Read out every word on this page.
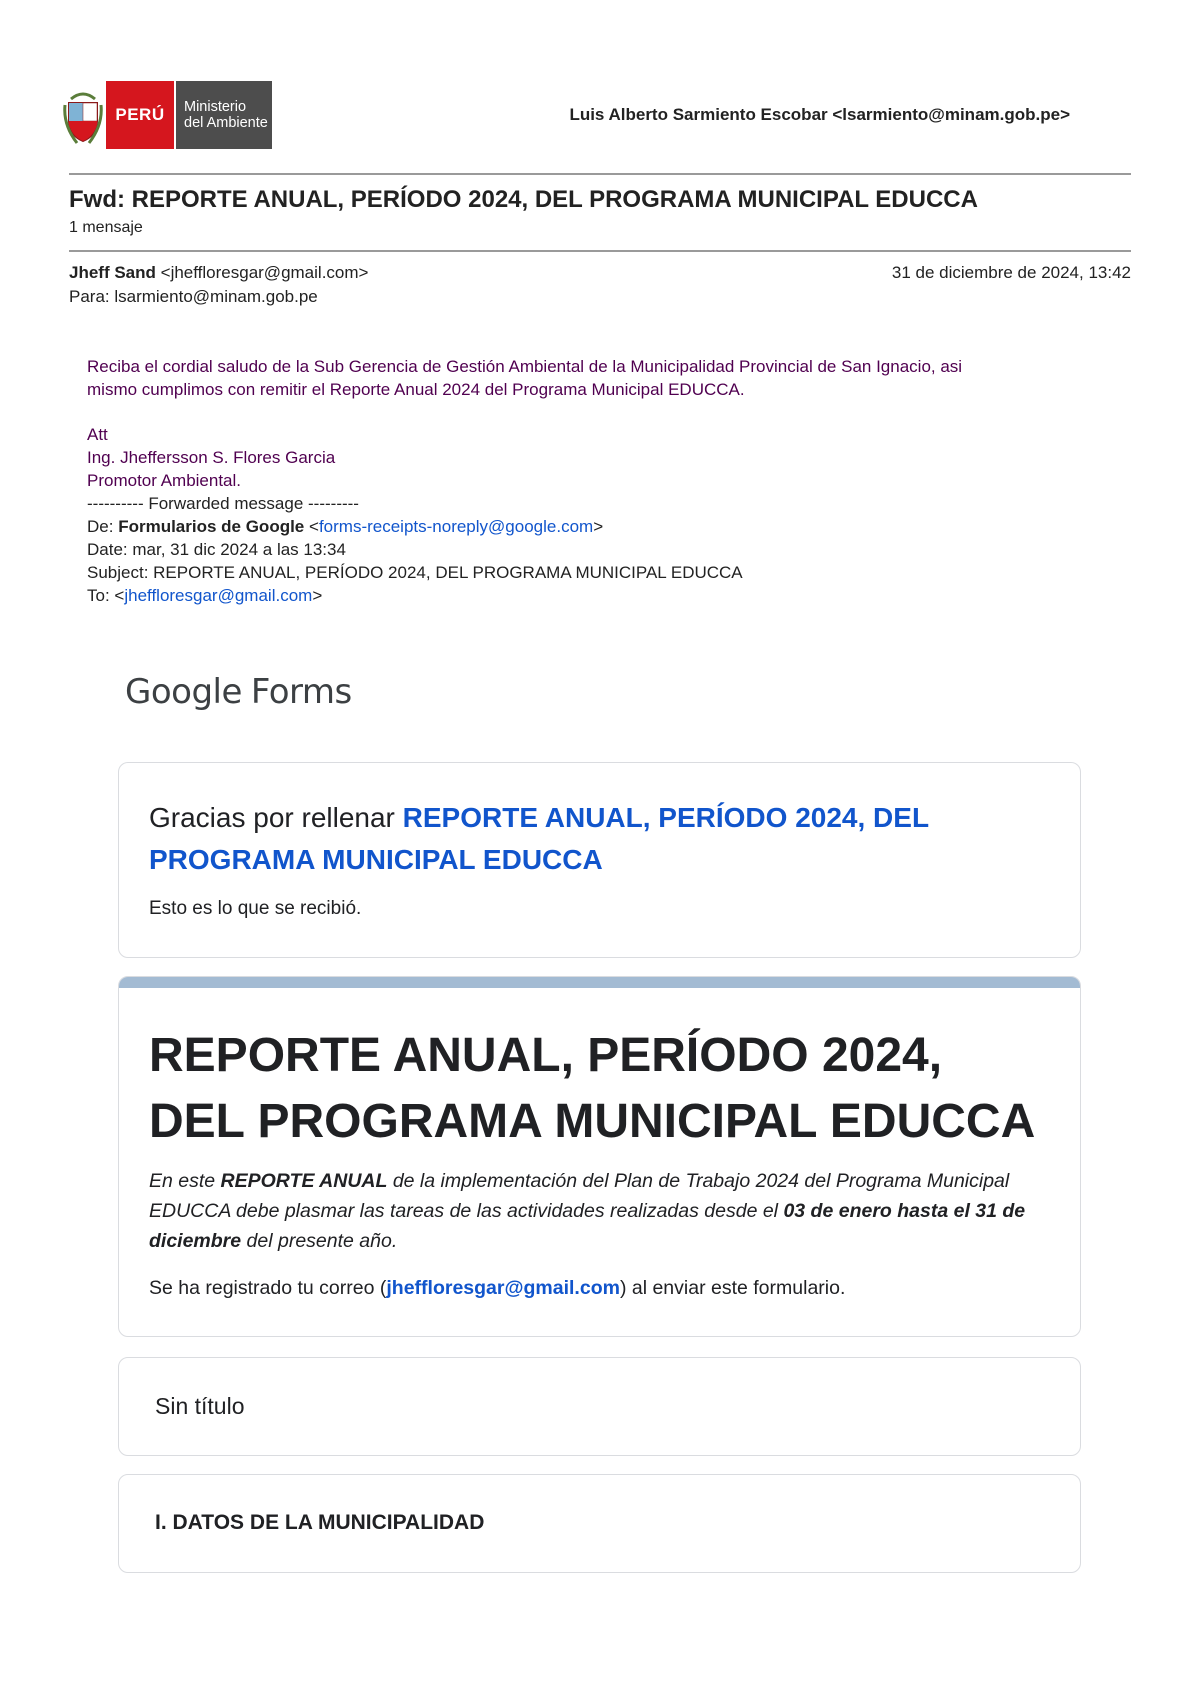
PERÚ	Ministerio
del Ambiente	Luis Alberto Sarmiento Escobar <lsarmiento@minam.gob.pe>
Fwd: REPORTE ANUAL, PERÍODO 2024, DEL PROGRAMA MUNICIPAL EDUCCA
1 mensaje
Jheff Sand <jheffloresgar@gmail.com>	31 de diciembre de 2024, 13:42
Para: lsarmiento@minam.gob.pe
Reciba el cordial saludo de la Sub Gerencia de Gestión Ambiental de la Municipalidad Provincial de San Ignacio, asi
mismo cumplimos con remitir el Reporte Anual 2024 del Programa Municipal EDUCCA.
Att
Ing. Jheffersson S. Flores Garcia
Promotor Ambiental.
---------- Forwarded message ---------
De: Formularios de Google <forms-receipts-noreply@google.com>
Date: mar, 31 dic 2024 a las 13:34
Subject: REPORTE ANUAL, PERÍODO 2024, DEL PROGRAMA MUNICIPAL EDUCCA
To: <jheffloresgar@gmail.com>
Google Forms
Gracias por rellenar REPORTE ANUAL, PERÍODO 2024, DEL PROGRAMA MUNICIPAL EDUCCA
Esto es lo que se recibió.
REPORTE ANUAL, PERÍODO 2024, DEL PROGRAMA MUNICIPAL EDUCCA
En este REPORTE ANUAL de la implementación del Plan de Trabajo 2024 del Programa Municipal EDUCCA debe plasmar las tareas de las actividades realizadas desde el 03 de enero hasta el 31 de diciembre del presente año.
Se ha registrado tu correo (jheffloresgar@gmail.com) al enviar este formulario.
Sin título
I. DATOS DE LA MUNICIPALIDAD
